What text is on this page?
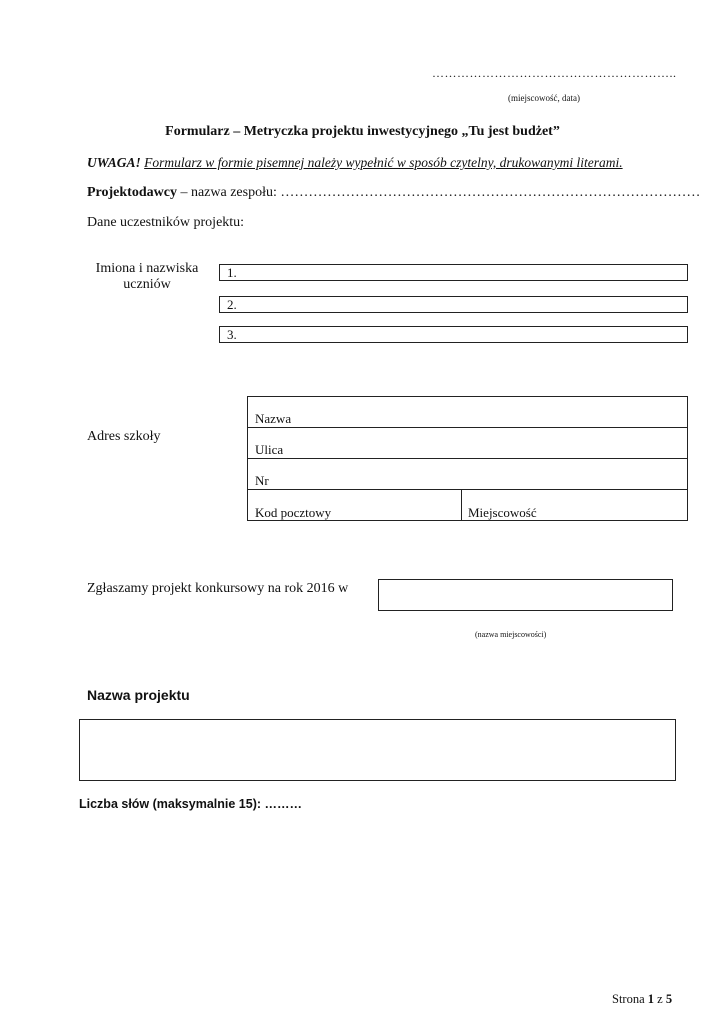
…………………………………………………..
(miejscowość, data)
Formularz – Metryczka projektu inwestycyjnego „Tu jest budżet”
UWAGA! Formularz w formie pisemnej należy wypełnić w sposób czytelny, drukowanymi literami.
Projektodawcy – nazwa zespołu: ………………………………………………………………………………
Dane uczestników projektu:
Imiona i nazwiska uczniów
1.
2.
3.
Adres szkoły
Nazwa
Ulica
Nr
Kod pocztowy	Miejscowość
Zgłaszamy projekt konkursowy na rok 2016 w
(nazwa miejscowości)
Nazwa projektu
Liczba słów (maksymalnie 15): ………
Strona 1 z 5
